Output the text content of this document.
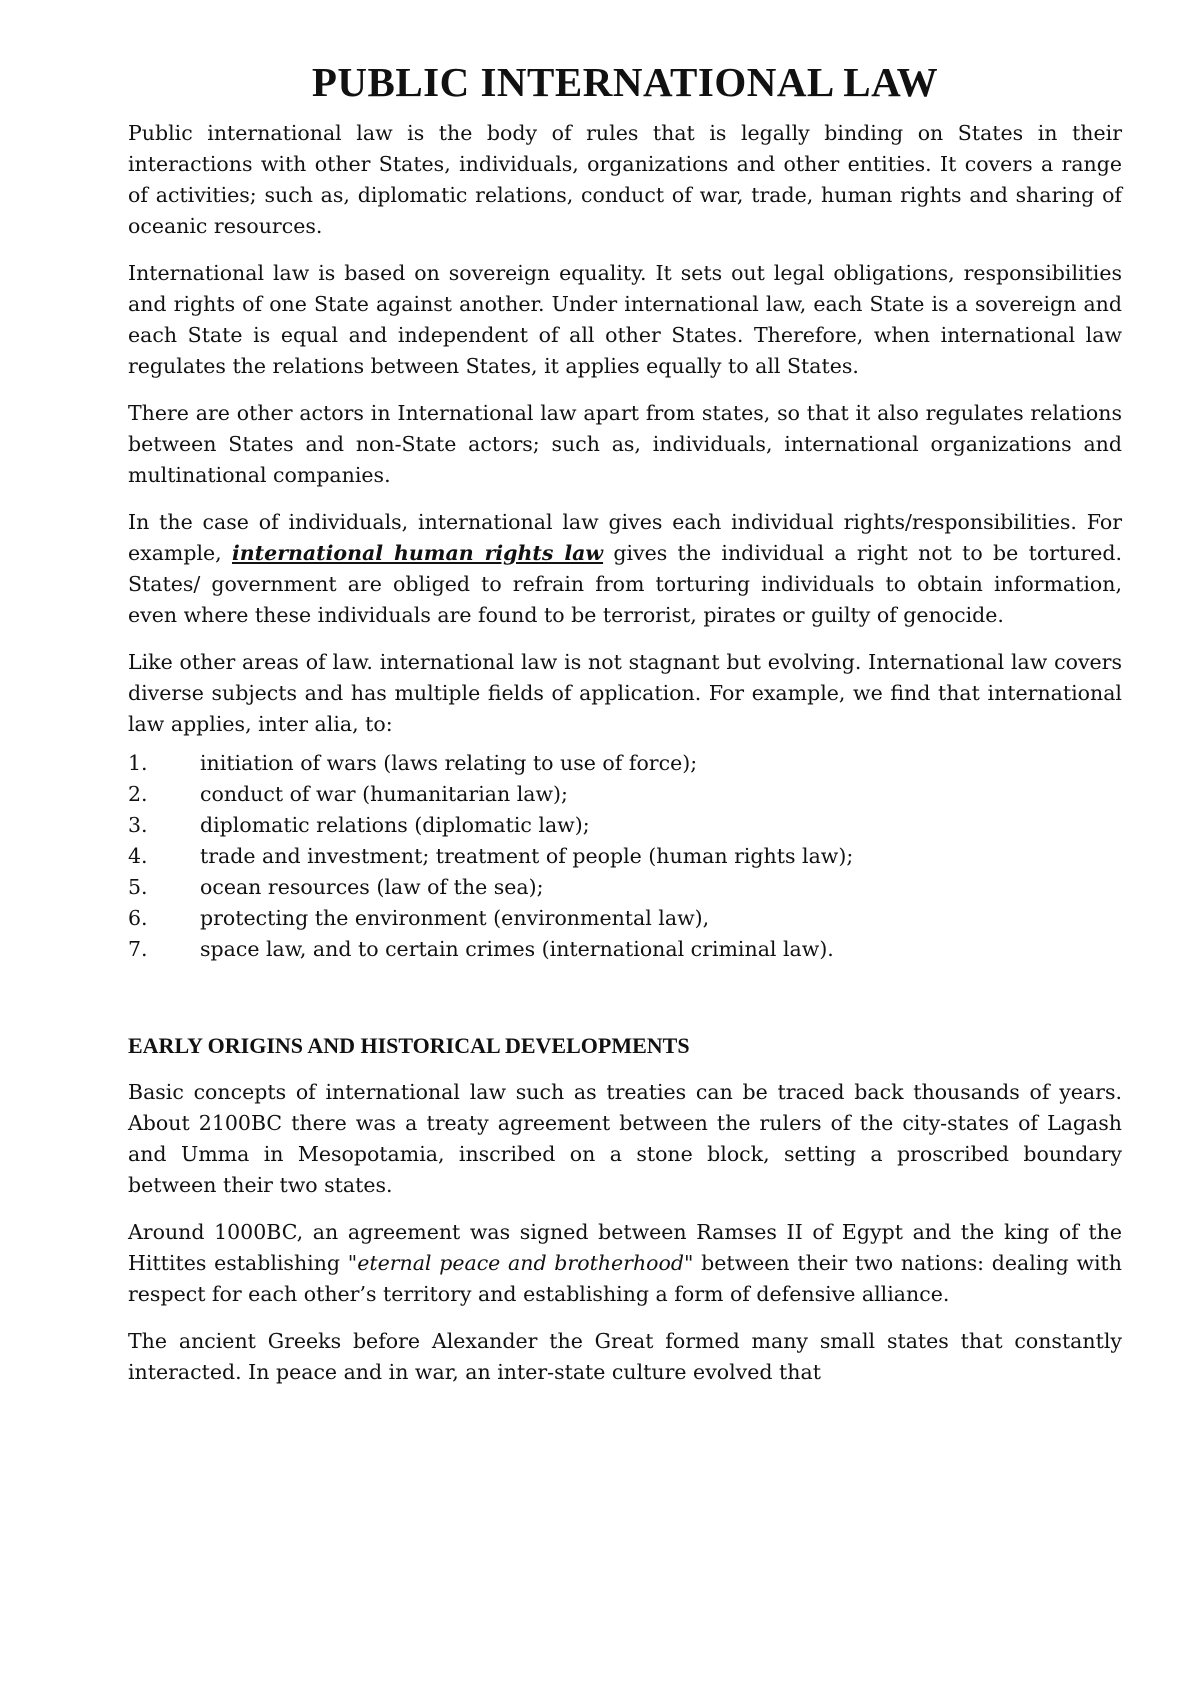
PUBLIC INTERNATIONAL LAW

Public international law is the body of rules that is legally binding on States in their interactions with other States, individuals, organizations and other entities. It covers a range of activities; such as, diplomatic relations, conduct of war, trade, human rights and sharing of oceanic resources.

International law is based on sovereign equality. It sets out legal obligations, responsibilities and rights of one State against another. Under international law, each State is a sovereign and each State is equal and independent of all other States. Therefore, when international law regulates the relations between States, it applies equally to all States.

There are other actors in International law apart from states, so that it also regulates relations between States and non-State actors; such as, individuals, international organizations and multinational companies.

In the case of individuals, international law gives each individual rights/responsibilities. For example, international human rights law gives the individual a right not to be tortured. States/ government are obliged to refrain from torturing individuals to obtain information, even where these individuals are found to be terrorist, pirates or guilty of genocide.

Like other areas of law. international law is not stagnant but evolving. International law covers diverse subjects and has multiple fields of application. For example, we find that international law applies, inter alia, to:

1.	initiation of wars (laws relating to use of force);
2.	conduct of war (humanitarian law);
3.	diplomatic relations (diplomatic law);
4.	trade and investment; treatment of people (human rights law);
5.	ocean resources (law of the sea);
6.	protecting the environment (environmental law),
7.	space law, and to certain crimes (international criminal law).
EARLY ORIGINS AND HISTORICAL DEVELOPMENTS

Basic concepts of international law such as treaties can be traced back thousands of years. About 2100BC there was a treaty agreement between the rulers of the city-states of Lagash and Umma in Mesopotamia, inscribed on a stone block, setting a proscribed boundary between their two states.

Around 1000BC, an agreement was signed between Ramses II of Egypt and the king of the Hittites establishing "eternal peace and brotherhood" between their two nations: dealing with respect for each other’s territory and establishing a form of defensive alliance.

The ancient Greeks before Alexander the Great formed many small states that constantly interacted. In peace and in war, an inter-state culture evolved that
